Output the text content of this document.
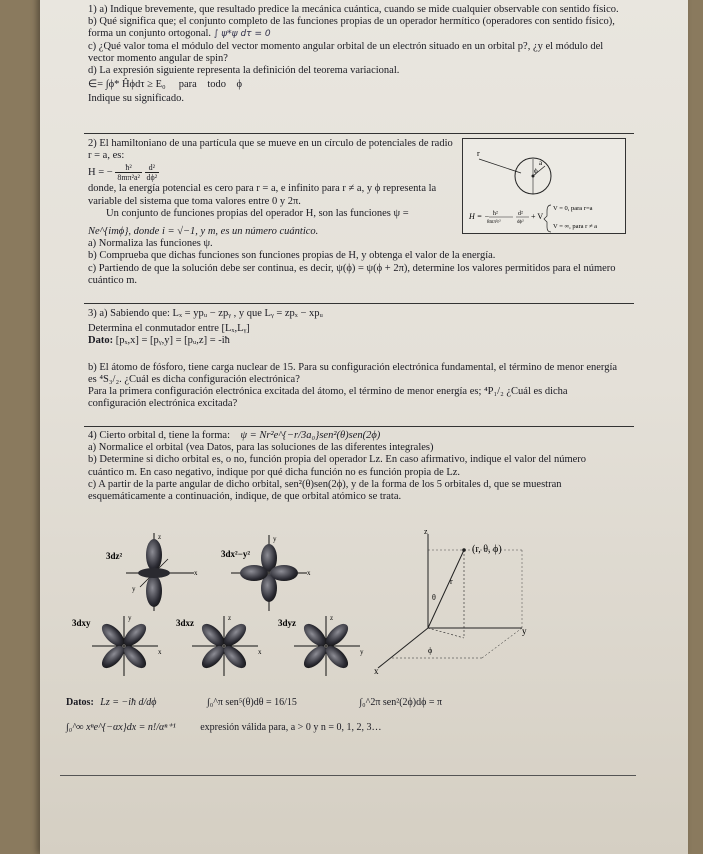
1) a) Indique brevemente, que resultado predice la mecánica cuántica, cuando se mide cualquier observable con sentido físico.

b) Qué significa que; el conjunto completo de las funciones propias de un operador hermítico (operadores con sentido físico), forma un conjunto ortogonal. ∫ ψ*ψ dτ = 0

c) ¿Qué valor toma el módulo del vector momento angular orbital de un electrón situado en un orbital p?, ¿y el módulo del vector momento angular de spin?

d) La expresión siguiente representa la definición del teorema variacional.

∈= ∫ϕ* Ĥϕdτ ≥ E₀ para todo ϕ

Indique su significado.

2) El hamiltoniano de una partícula que se mueve en un círculo de potenciales de radio r = a, es:

H = − $\frac{\text{ħ²}}{\text{8mπ²a²}}$
$\frac{\text{d²}}{\text{dϕ²}}$

donde, la energía potencial es cero para r = a, e infinito para r ≠ a, y ϕ representa la variable del sistema que toma valores entre 0 y 2π.

Un conjunto de funciones propias del operador H, son las funciones ψ =

Ne^{imϕ}, donde i = √−1, y m, es un número cuántico.

a) Normaliza las funciones ψ.

b) Comprueba que dichas funciones son funciones propias de H, y obtenga el valor de la energía.

c) Partiendo de que la solución debe ser continua, es decir, ψ(ϕ) = ψ(ϕ + 2π), determine los valores permitidos para el número cuántico m.

r
a
ϕ
H = − ħ²
8mπ²r²
d²
dϕ²
+ V
V = 0, para r=a
V = ∞, para r ≠ a

3) a) Sabiendo que: Lₓ = ypᵤ − zpᵧ , y que Lᵧ = zpₓ − xpᵤ

Determina el conmutador entre [Lₓ,Lᵧ]

Dato: [pₓ,x] = [pᵧ,y] = [pᵤ,z] = -iħ

b) El átomo de fósforo, tiene carga nuclear de 15. Para su configuración electrónica fundamental, el término de menor energía es ⁴S₃/₂. ¿Cuál es dicha configuración electrónica?

Para la primera configuración electrónica excitada del átomo, el término de menor energía es; ⁴P₁/₂ ¿Cuál es dicha configuración electrónica excitada?

4) Cierto orbital d, tiene la forma: ψ = Nr²e^{−r/3a₀}sen²(θ)sen(2ϕ)

a) Normalice el orbital (vea Datos, para las soluciones de las diferentes integrales)

b) Determine si dicho orbital es, o no, función propia del operador Lz. En caso afirmativo, indique el valor del número cuántico m. En caso negativo, indique por qué dicha función no es función propia de Lz.

c) A partir de la parte angular de dicho orbital, sen²(θ)sen(2ϕ), y de la forma de los 5 orbitales d, que se muestran esquemáticamente a continuación, indique, de que orbital atómico se trata.

3dz²
z
x
y
3dx²−y²
y
x
3dxy	y
x
3dxz	z
x
3dyz	z
y
z
y
x
(r, θ, ϕ)
r
θ
ϕ
Datos: Lz = −iħ d/dϕ	∫₀^π sen⁵(θ)dθ = 16/15	∫₀^2π sen²(2ϕ)dϕ = π
∫₀^∞ xⁿe^{−αx}dx = n!/αⁿ⁺¹ expresión válida para, a > 0 y n = 0, 1, 2, 3…
